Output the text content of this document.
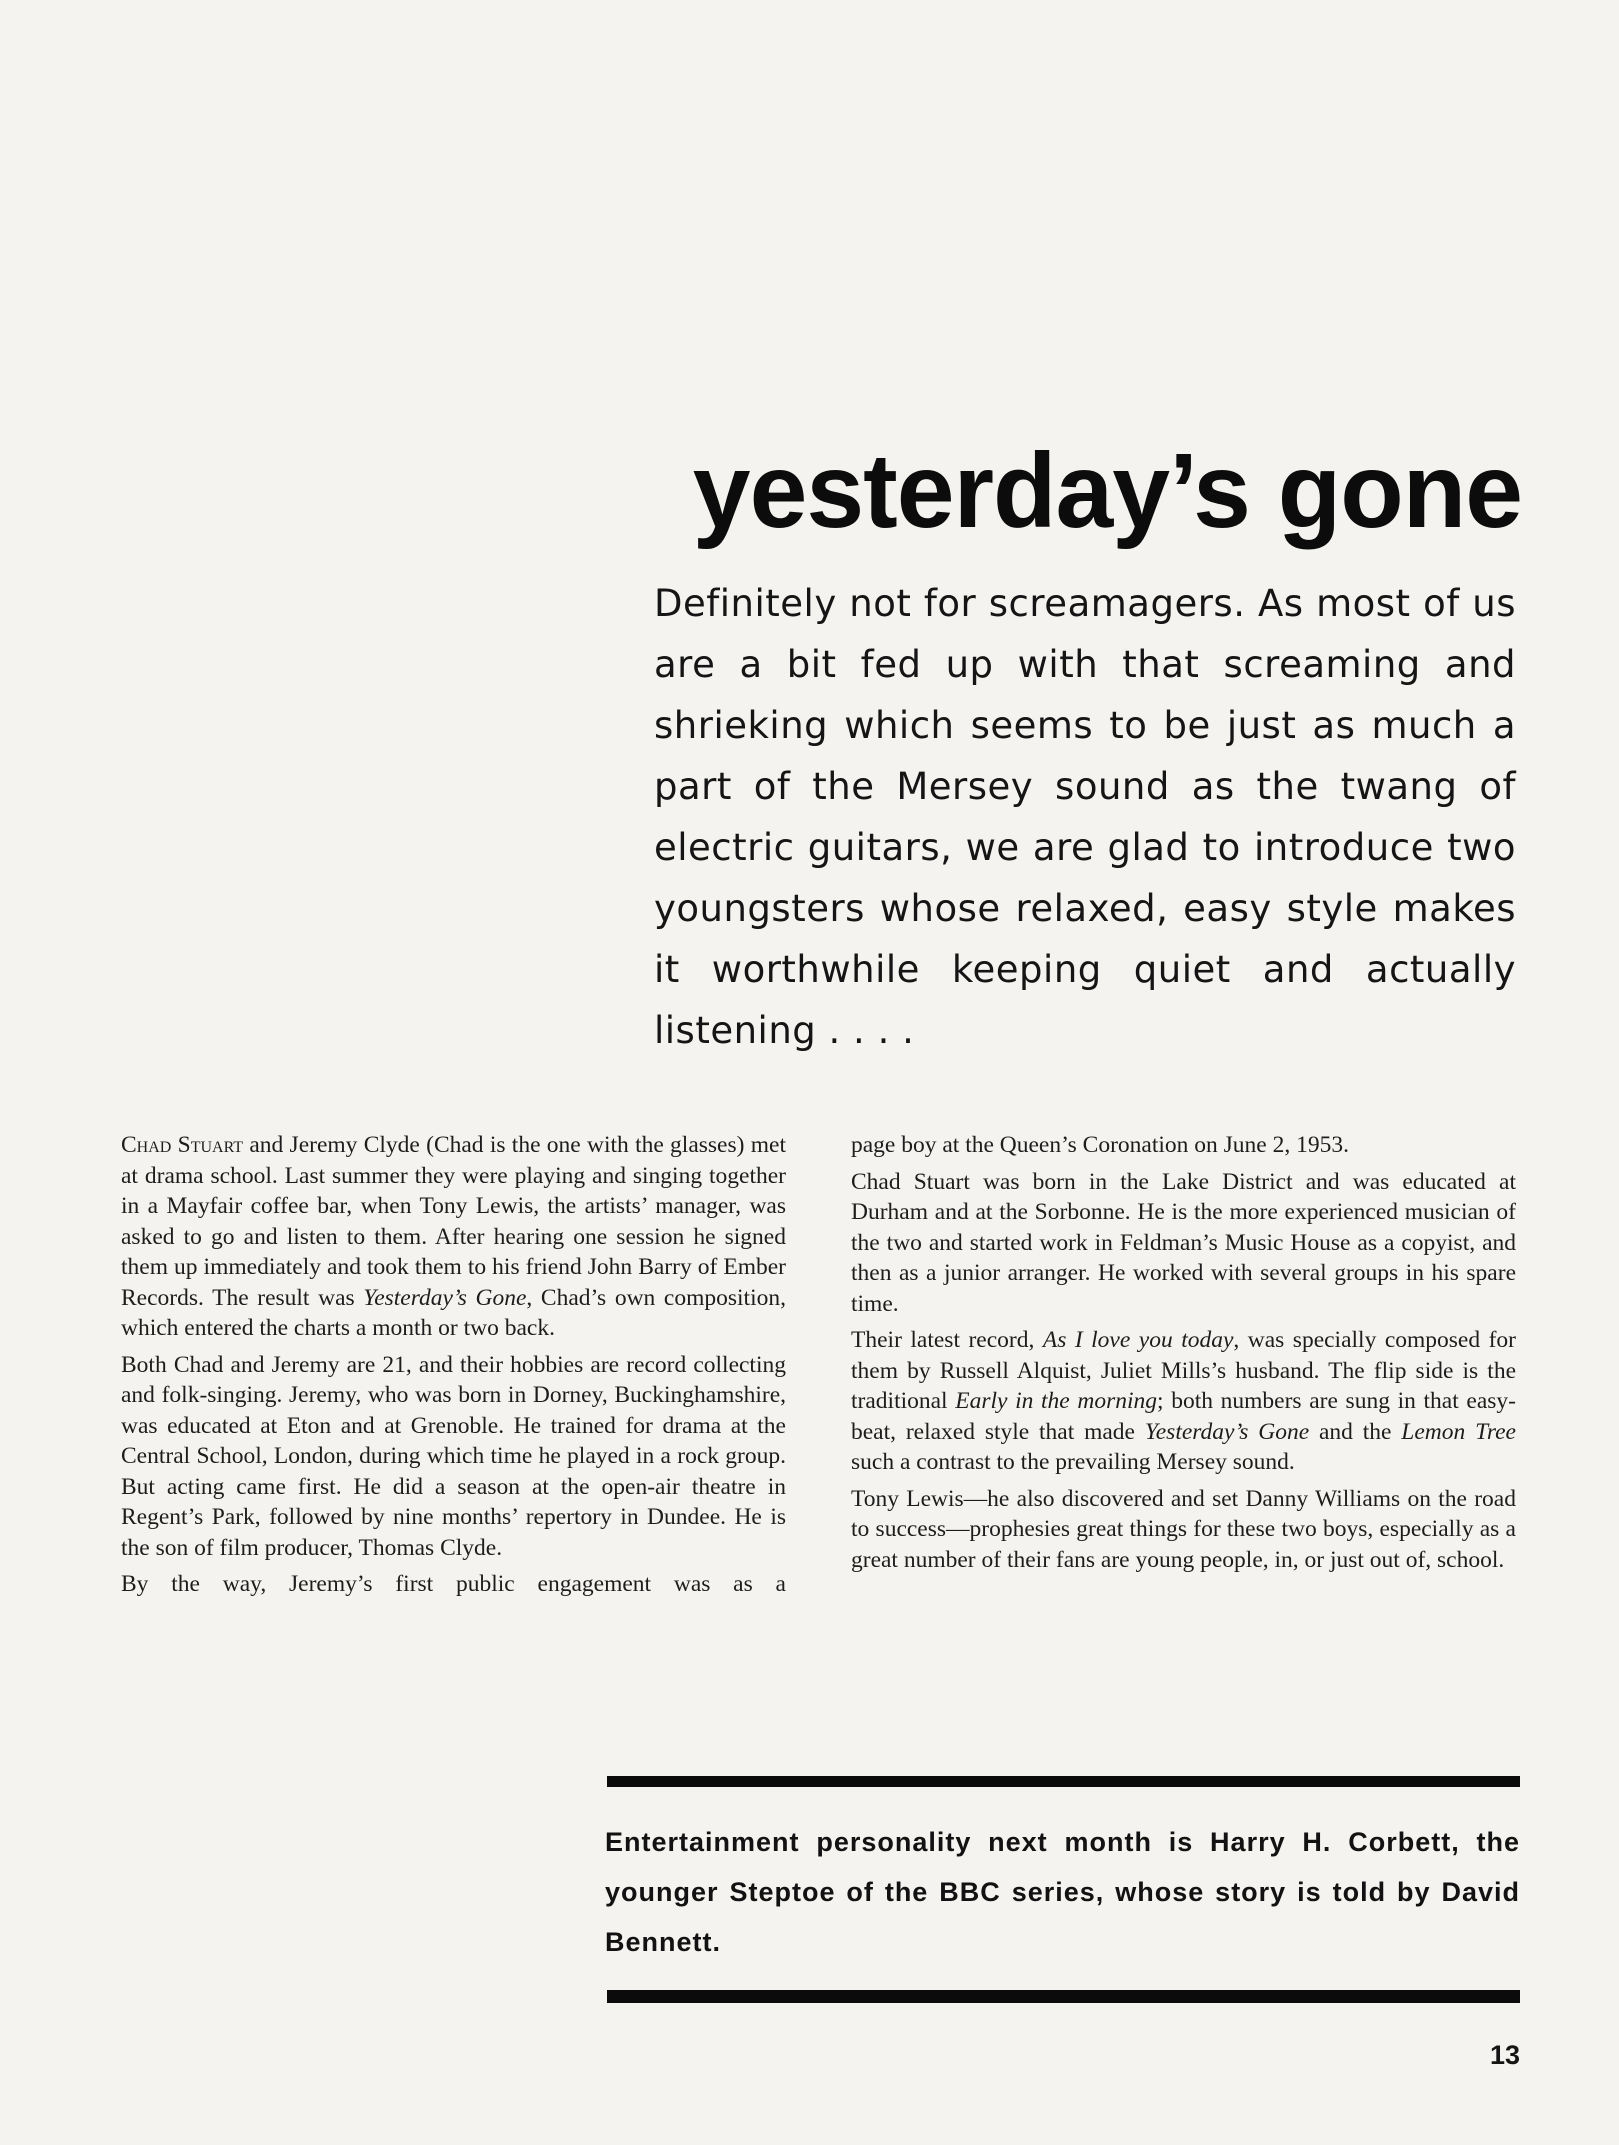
yesterday’s gone
Definitely not for screamagers. As most of us are a bit fed up with that screaming and shrieking which seems to be just as much a part of the Mersey sound as the twang of electric guitars, we are glad to introduce two youngsters whose relaxed, easy style makes it worthwhile keeping quiet and actually listening . . . .

Chad Stuart and Jeremy Clyde (Chad is the one with the glasses) met at drama school. Last summer they were playing and singing together in a Mayfair coffee bar, when Tony Lewis, the artists’ manager, was asked to go and listen to them. After hearing one session he signed them up immediately and took them to his friend John Barry of Ember Records. The result was Yesterday’s Gone, Chad’s own composition, which entered the charts a month or two back.

Both Chad and Jeremy are 21, and their hobbies are record collecting and folk-singing. Jeremy, who was born in Dorney, Buckinghamshire, was educated at Eton and at Grenoble. He trained for drama at the Central School, London, during which time he played in a rock group. But acting came first. He did a season at the open-air theatre in Regent’s Park, followed by nine months’ repertory in Dundee. He is the son of film producer, Thomas Clyde.

By the way, Jeremy’s first public engagement was as a

page boy at the Queen’s Coronation on June 2, 1953.

Chad Stuart was born in the Lake District and was educated at Durham and at the Sorbonne. He is the more experienced musician of the two and started work in Feldman’s Music House as a copyist, and then as a junior arranger. He worked with several groups in his spare time.

Their latest record, As I love you today, was specially composed for them by Russell Alquist, Juliet Mills’s husband. The flip side is the traditional Early in the morning; both numbers are sung in that easy-beat, relaxed style that made Yesterday’s Gone and the Lemon Tree such a contrast to the prevailing Mersey sound.

Tony Lewis—he also discovered and set Danny Williams on the road to success—prophesies great things for these two boys, especially as a great number of their fans are young people, in, or just out of, school.

Entertainment personality next month is Harry H. Corbett, the younger Steptoe of the BBC series, whose story is told by David Bennett.
13
